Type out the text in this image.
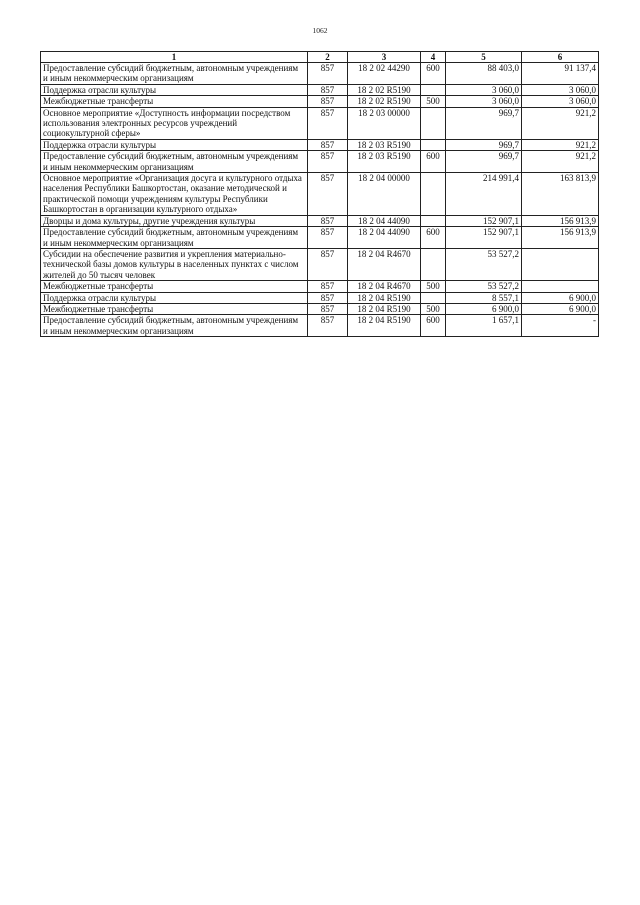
1062
1	2	3	4	5	6
Предоставление субсидий бюджетным, автономным учреждениям и иным некоммерческим организациям	857	18 2 02 44290	600	88 403,0	91 137,4
Поддержка отрасли культуры	857	18 2 02 R5190		3 060,0	3 060,0
Межбюджетные трансферты	857	18 2 02 R5190	500	3 060,0	3 060,0
Основное мероприятие «Доступность информации посредством использования электронных ресурсов учреждений социокультурной сферы»	857	18 2 03 00000		969,7	921,2
Поддержка отрасли культуры	857	18 2 03 R5190		969,7	921,2
Предоставление субсидий бюджетным, автономным учреждениям и иным некоммерческим организациям	857	18 2 03 R5190	600	969,7	921,2
Основное мероприятие «Организация досуга и культурного отдыха населения Республики Башкортостан, оказание методической и практической помощи учреждениям культуры Республики Башкортостан в организации культурного отдыха»	857	18 2 04 00000		214 991,4	163 813,9
Дворцы и дома культуры, другие учреждения культуры	857	18 2 04 44090		152 907,1	156 913,9
Предоставление субсидий бюджетным, автономным учреждениям и иным некоммерческим организациям	857	18 2 04 44090	600	152 907,1	156 913,9
Субсидии на обеспечение развития и укрепления материально-технической базы домов культуры в населенных пунктах с числом жителей до 50 тысяч человек	857	18 2 04 R4670		53 527,2	
Межбюджетные трансферты	857	18 2 04 R4670	500	53 527,2	
Поддержка отрасли культуры	857	18 2 04 R5190		8 557,1	6 900,0
Межбюджетные трансферты	857	18 2 04 R5190	500	6 900,0	6 900,0
Предоставление субсидий бюджетным, автономным учреждениям и иным некоммерческим организациям	857	18 2 04 R5190	600	1 657,1	-
